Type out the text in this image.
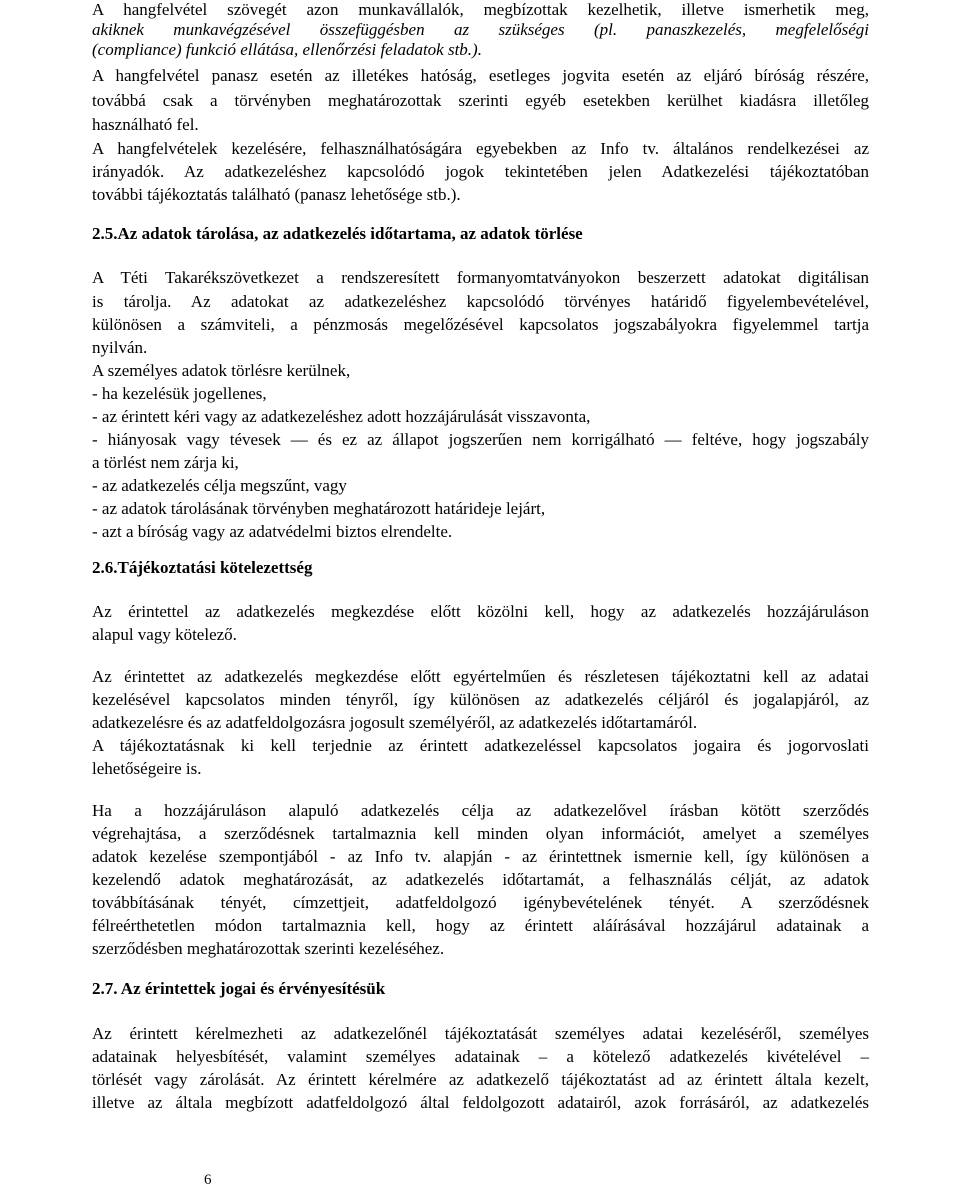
A hangfelvétel szövegét azon munkavállalók, megbízottak kezelhetik, illetve ismerhetik meg,
akiknek munkavégzésével összefüggésben az szükséges (pl. panaszkezelés, megfelelőségi
(compliance) funkció ellátása, ellenőrzési feladatok stb.).
A hangfelvétel panasz esetén az illetékes hatóság, esetleges jogvita esetén az eljáró bíróság részére,
továbbá csak a törvényben meghatározottak szerinti egyéb esetekben kerülhet kiadásra illetőleg
használható fel.
A hangfelvételek kezelésére, felhasználhatóságára egyebekben az Info tv. általános rendelkezései az
irányadók. Az adatkezeléshez kapcsolódó jogok tekintetében jelen Adatkezelési tájékoztatóban
további tájékoztatás található (panasz lehetősége stb.).
2.5.Az adatok tárolása, az adatkezelés időtartama, az adatok törlése
A Téti Takarékszövetkezet a rendszeresített formanyomtatványokon beszerzett adatokat digitálisan
is tárolja. Az adatokat az adatkezeléshez kapcsolódó törvényes határidő figyelembevételével,
különösen a számviteli, a pénzmosás megelőzésével kapcsolatos jogszabályokra figyelemmel tartja
nyilván.
A személyes adatok törlésre kerülnek,
- ha kezelésük jogellenes,
- az érintett kéri vagy az adatkezeléshez adott hozzájárulását visszavonta,
- hiányosak vagy tévesek — és ez az állapot jogszerűen nem korrigálható — feltéve, hogy jogszabály
a törlést nem zárja ki,
- az adatkezelés célja megszűnt, vagy
- az adatok tárolásának törvényben meghatározott határideje lejárt,
- azt a bíróság vagy az adatvédelmi biztos elrendelte.
2.6.Tájékoztatási kötelezettség
Az érintettel az adatkezelés megkezdése előtt közölni kell, hogy az adatkezelés hozzájáruláson
alapul vagy kötelező.
Az érintettet az adatkezelés megkezdése előtt egyértelműen és részletesen tájékoztatni kell az adatai
kezelésével kapcsolatos minden tényről, így különösen az adatkezelés céljáról és jogalapjáról, az
adatkezelésre és az adatfeldolgozásra jogosult személyéről, az adatkezelés időtartamáról.
A tájékoztatásnak ki kell terjednie az érintett adatkezeléssel kapcsolatos jogaira és jogorvoslati
lehetőségeire is.
Ha a hozzájáruláson alapuló adatkezelés célja az adatkezelővel írásban kötött szerződés
végrehajtása, a szerződésnek tartalmaznia kell minden olyan információt, amelyet a személyes
adatok kezelése szempontjából - az Info tv. alapján - az érintettnek ismernie kell, így különösen a
kezelendő adatok meghatározását, az adatkezelés időtartamát, a felhasználás célját, az adatok
továbbításának tényét, címzettjeit, adatfeldolgozó igénybevételének tényét. A szerződésnek
félreérthetetlen módon tartalmaznia kell, hogy az érintett aláírásával hozzájárul adatainak a
szerződésben meghatározottak szerinti kezeléséhez.
2.7. Az érintettek jogai és érvényesítésük
Az érintett kérelmezheti az adatkezelőnél tájékoztatását személyes adatai kezeléséről, személyes
adatainak helyesbítését, valamint személyes adatainak – a kötelező adatkezelés kivételével –
törlését vagy zárolását. Az érintett kérelmére az adatkezelő tájékoztatást ad az érintett általa kezelt,
illetve az általa megbízott adatfeldolgozó által feldolgozott adatairól, azok forrásáról, az adatkezelés
6
